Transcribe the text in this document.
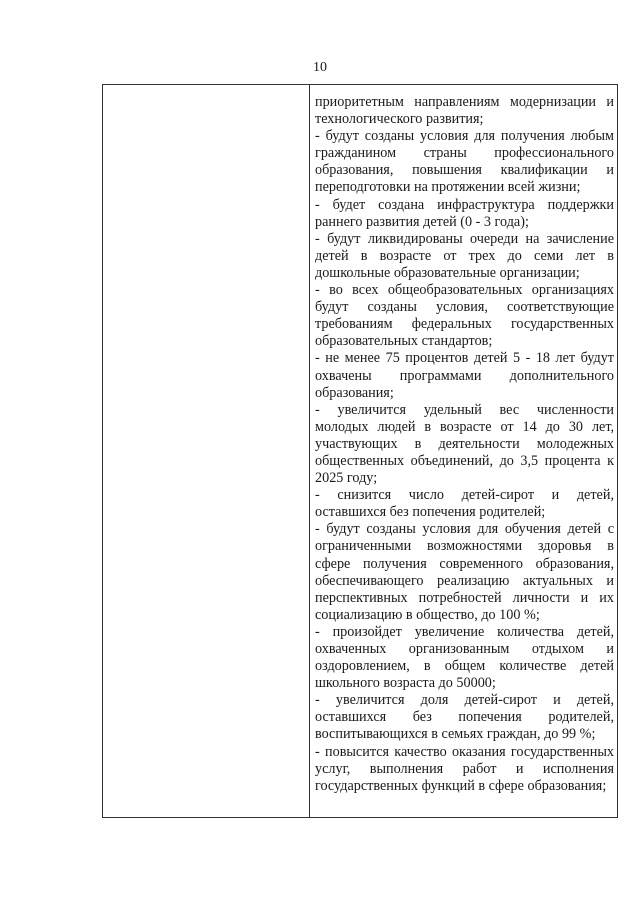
10

приоритетным направлениям модернизации и технологического развития;

- будут созданы условия для получения любым гражданином страны профессионального образования, повышения квалификации и переподготовки на протяжении всей жизни;

- будет создана инфраструктура поддержки раннего развития детей (0 - 3 года);

- будут ликвидированы очереди на зачисление детей в возрасте от трех до семи лет в дошкольные образовательные организации;

- во всех общеобразовательных организациях будут созданы условия, соответствующие требованиям федеральных государственных образовательных стандартов;

- не менее 75 процентов детей 5 - 18 лет будут охвачены программами дополнительного образования;

- увеличится удельный вес численности молодых людей в возрасте от 14 до 30 лет, участвующих в деятельности молодежных общественных объединений, до 3,5 процента к 2025 году;

- снизится число детей-сирот и детей, оставшихся без попечения родителей;

- будут созданы условия для обучения детей с ограниченными возможностями здоровья в сфере получения современного образования, обеспечивающего реализацию актуальных и перспективных потребностей личности и их социализацию в общество, до 100 %;

- произойдет увеличение количества детей, охваченных организованным отдыхом и оздоровлением, в общем количестве детей школьного возраста до 50000;

- увеличится доля детей-сирот и детей, оставшихся без попечения родителей, воспитывающихся в семьях граждан, до 99 %;

- повысится качество оказания государственных услуг, выполнения работ и исполнения государственных функций в сфере образования;
